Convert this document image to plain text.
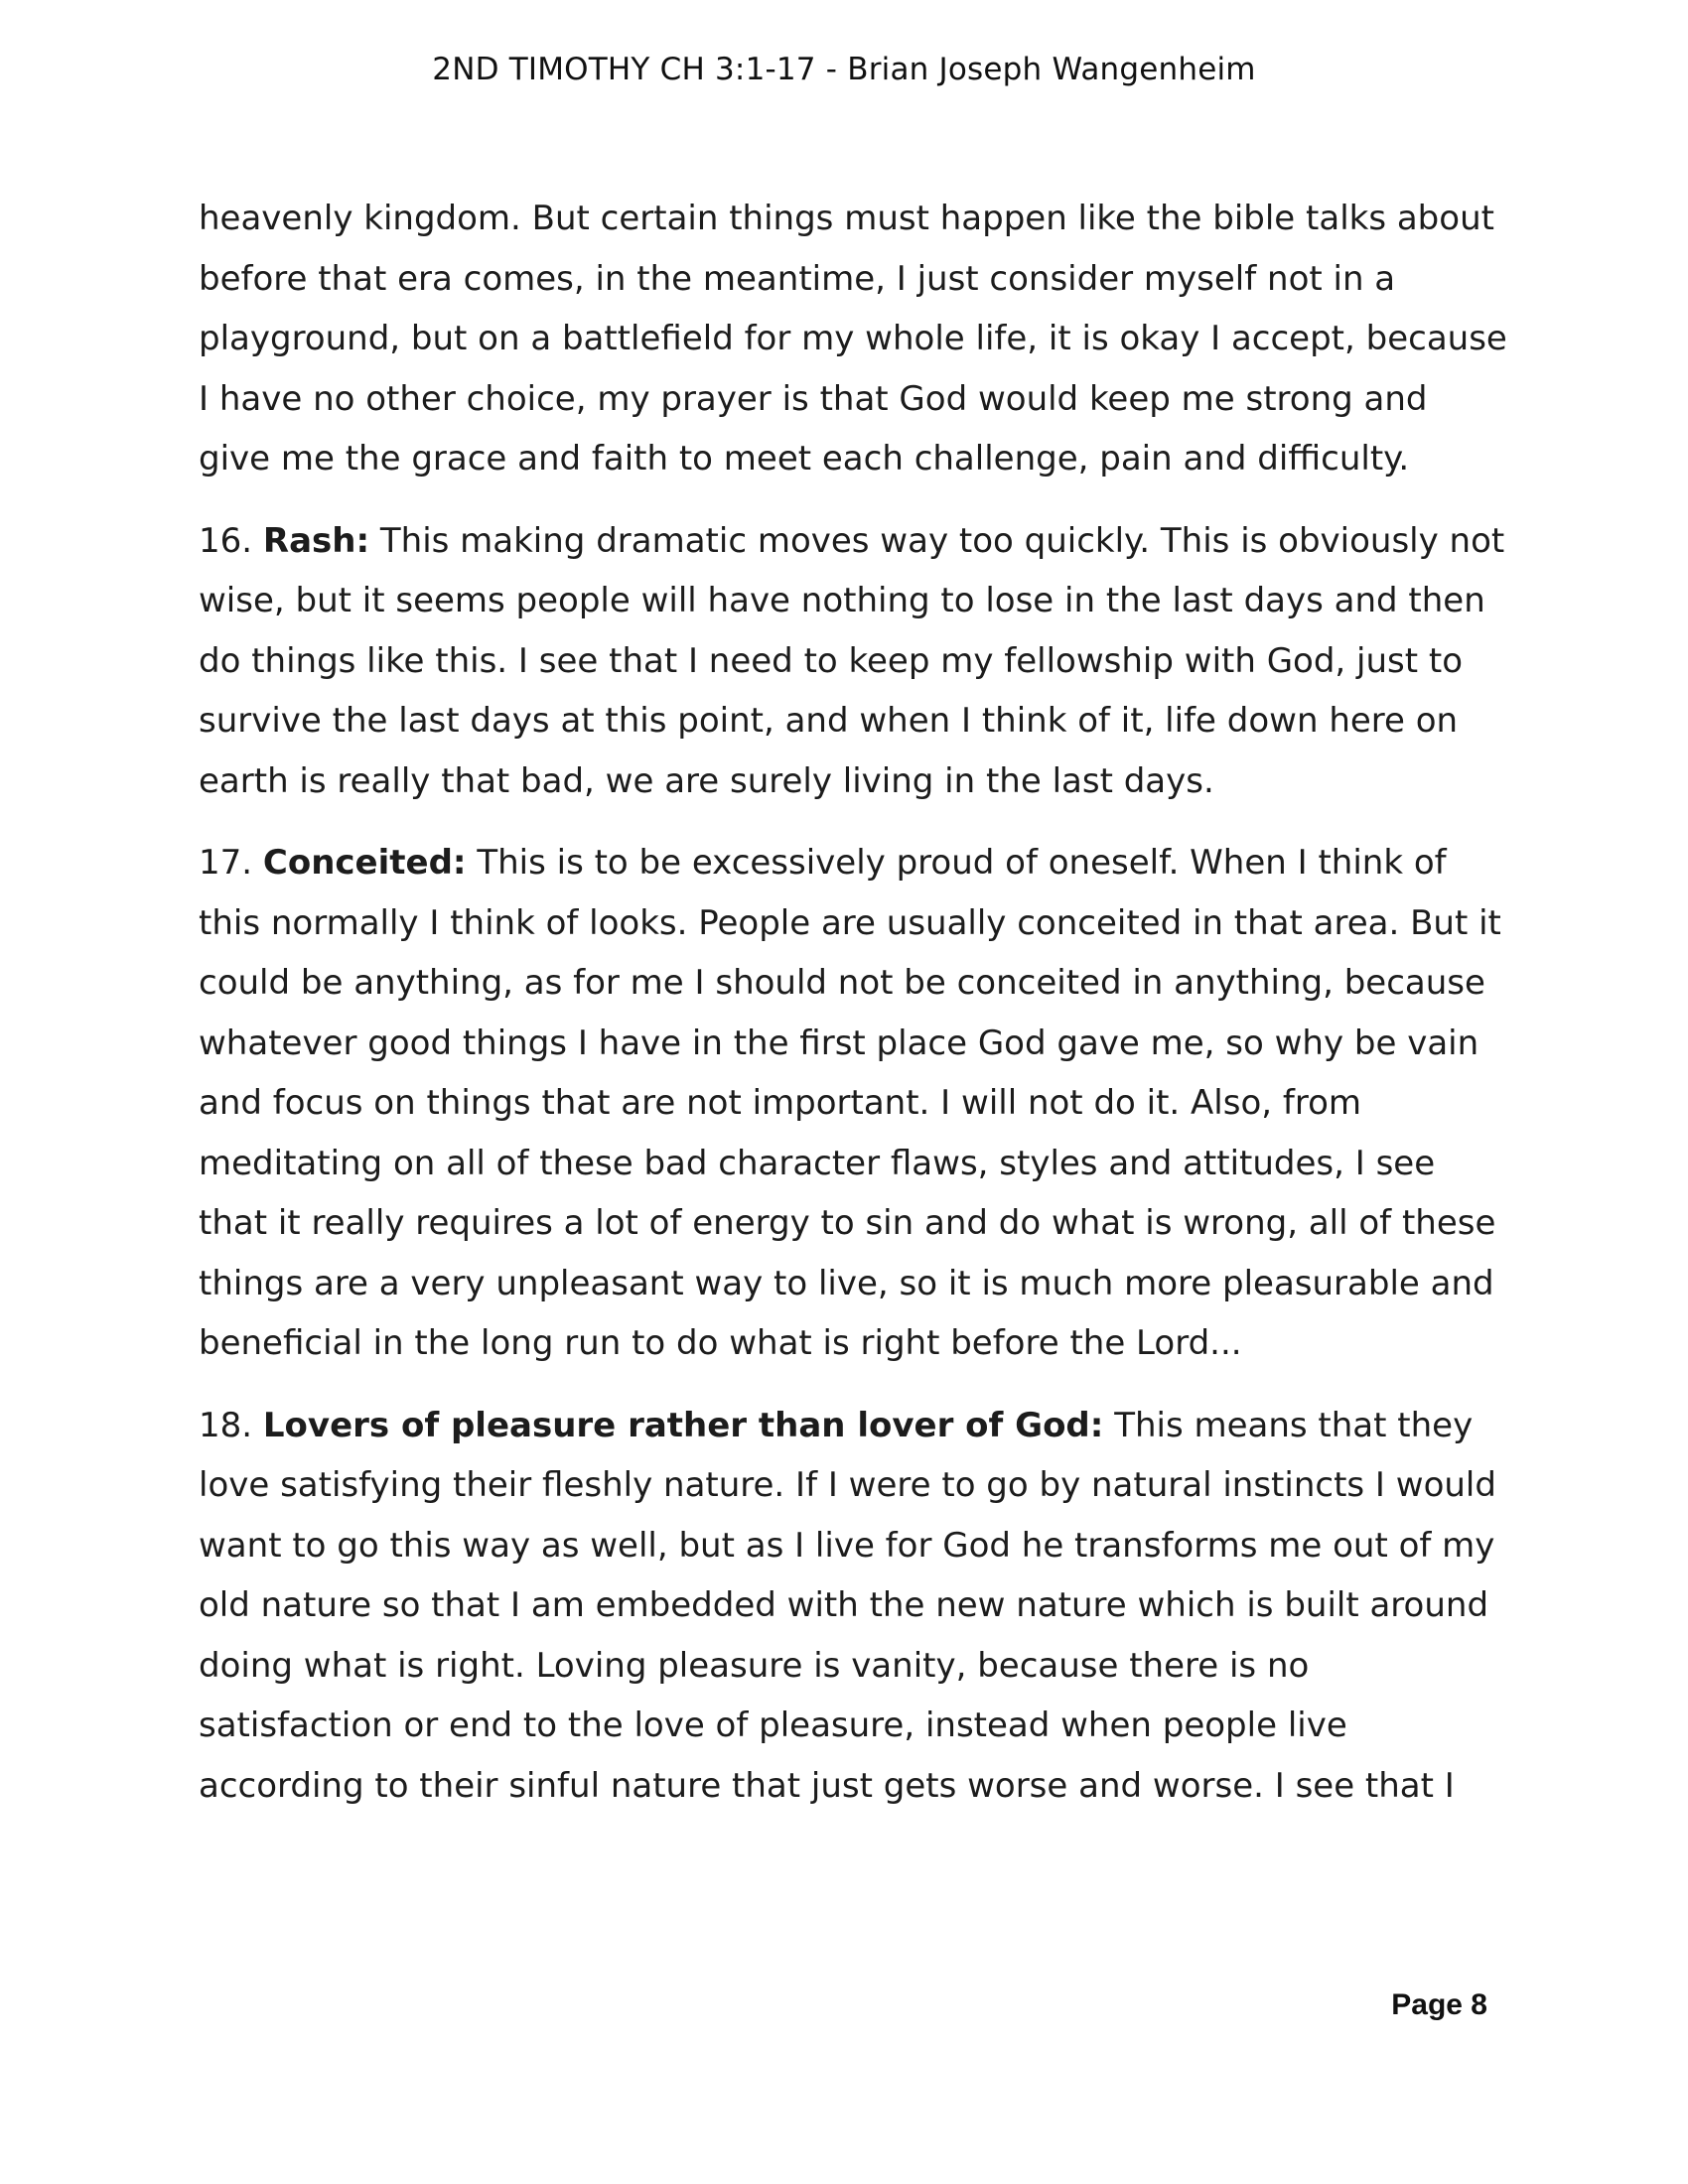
2ND TIMOTHY CH 3:1-17 - Brian Joseph Wangenheim

heavenly kingdom. But certain things must happen like the bible talks about before that era comes, in the meantime, I just consider myself not in a playground, but on a battlefield for my whole life, it is okay I accept, because I have no other choice, my prayer is that God would keep me strong and give me the grace and faith to meet each challenge, pain and difficulty.

16. Rash: This making dramatic moves way too quickly. This is obviously not wise, but it seems people will have nothing to lose in the last days and then do things like this. I see that I need to keep my fellowship with God, just to survive the last days at this point, and when I think of it, life down here on earth is really that bad, we are surely living in the last days.

17. Conceited: This is to be excessively proud of oneself. When I think of this normally I think of looks. People are usually conceited in that area. But it could be anything, as for me I should not be conceited in anything, because whatever good things I have in the first place God gave me, so why be vain and focus on things that are not important. I will not do it. Also, from meditating on all of these bad character flaws, styles and attitudes, I see that it really requires a lot of energy to sin and do what is wrong, all of these things are a very unpleasant way to live, so it is much more pleasurable and beneficial in the long run to do what is right before the Lord...

18. Lovers of pleasure rather than lover of God: This means that they love satisfying their fleshly nature. If I were to go by natural instincts I would want to go this way as well, but as I live for God he transforms me out of my old nature so that I am embedded with the new nature which is built around doing what is right. Loving pleasure is vanity, because there is no satisfaction or end to the love of pleasure, instead when people live according to their sinful nature that just gets worse and worse. I see that I

Page 8
